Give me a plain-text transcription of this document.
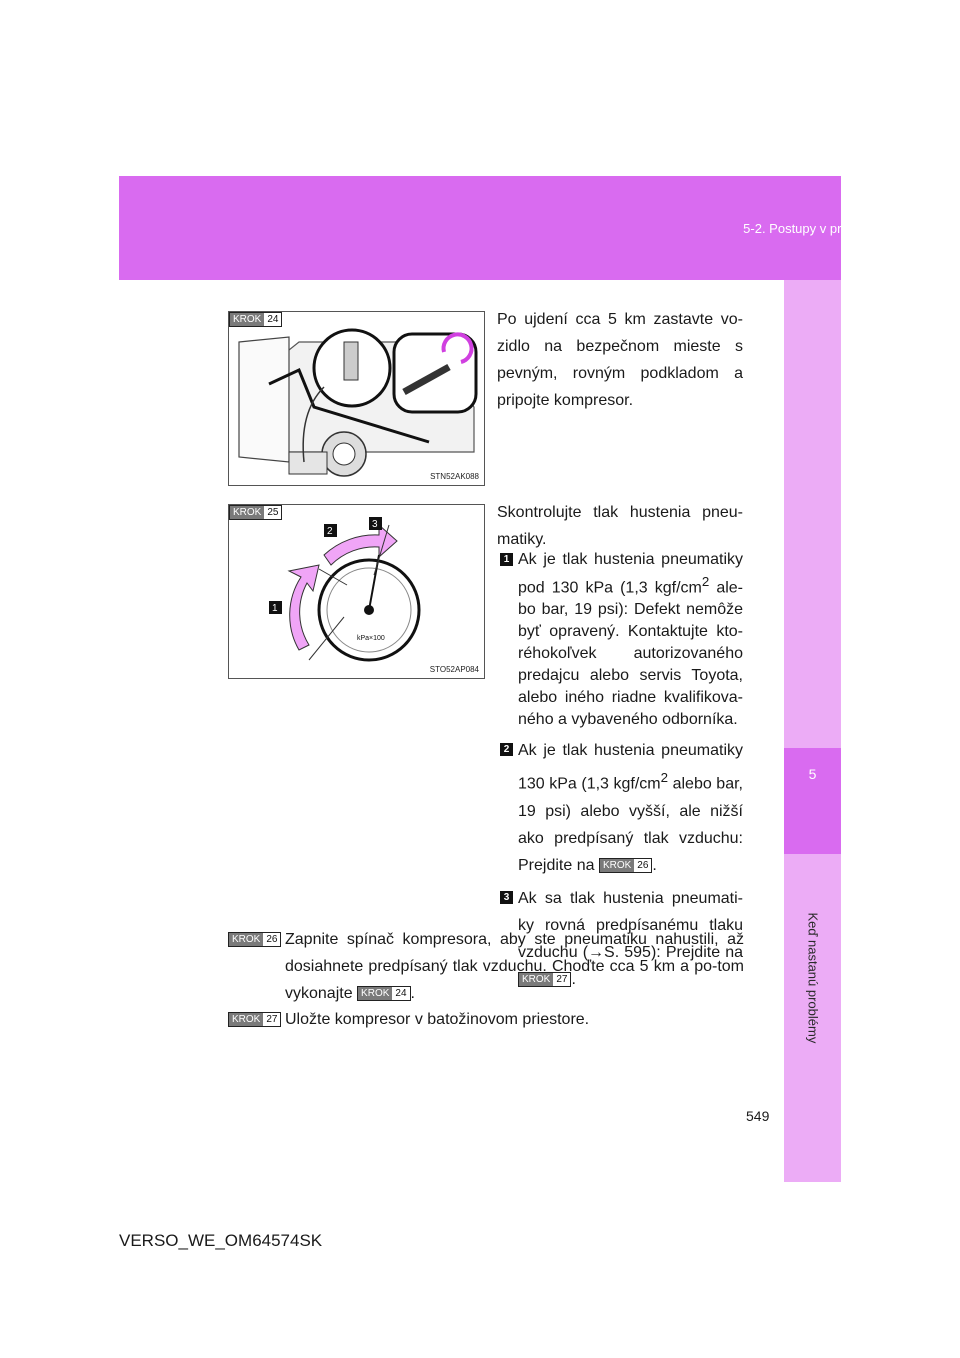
5-2. Postupy v prípade núdze
5
Keď nastanú problémy
KROK 24
STN52AK088
Po ujdení cca 5 km zastavte vo-zidlo na bezpečnom mieste s pevným, rovným podkladom a pripojte kompresor.
KROK 25
kPa×100
1
2
3
STO52AP084
Skontrolujte tlak hustenia pneu-matiky.
1 Ak je tlak hustenia pneumatiky pod 130 kPa (1,3 kgf/$cm^2$ ale-bo bar, 19 psi): Defekt nemôže byť opravený. Kontaktujte kto-réhokoľvek autorizovaného predajcu alebo servis Toyota, alebo iného riadne kvalifikova-ného a vybaveného odborníka.
2 Ak je tlak hustenia pneumatiky 130 kPa (1,3 kgf/$cm^2$ alebo bar, 19 psi) alebo vyšší, ale nižší ako predpísaný tlak vzduchu: Prejdite na KROK 26 .
3 Ak sa tlak hustenia pneumati-ky rovná predpísanému tlaku vzduchu (→S. 595): Prejdite na KROK 27 .
KROK 26 Zapnite spínač kompresora, aby ste pneumatiku nahustili, až dosiahnete predpísaný tlak vzduchu. Choďte cca 5 km a po-tom vykonajte KROK 24 .
KROK 27 Uložte kompresor v batožinovom priestore.
549
VERSO_WE_OM64574SK
